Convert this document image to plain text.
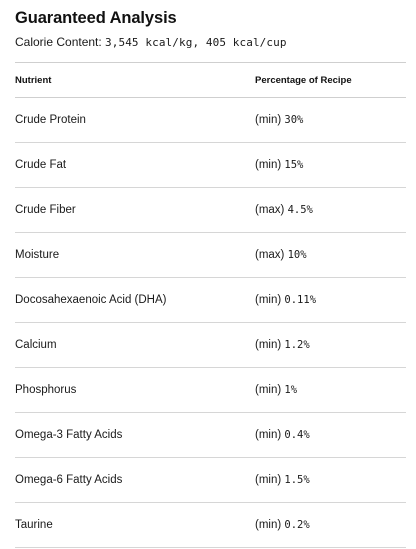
Guaranteed Analysis
Calorie Content: 3,545 kcal/kg, 405 kcal/cup
Nutrient	Percentage of Recipe
Crude Protein	(min) 30%
Crude Fat	(min) 15%
Crude Fiber	(max) 4.5%
Moisture	(max) 10%
Docosahexaenoic Acid (DHA)	(min) 0.11%
Calcium	(min) 1.2%
Phosphorus	(min) 1%
Omega-3 Fatty Acids	(min) 0.4%
Omega-6 Fatty Acids	(min) 1.5%
Taurine	(min) 0.2%
